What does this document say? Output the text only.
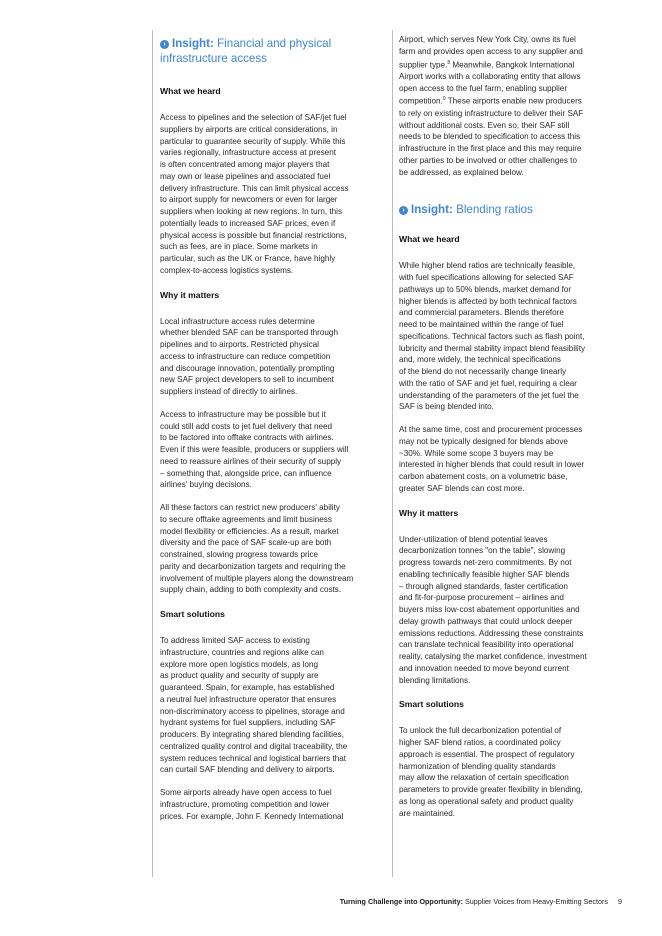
› Insight: Financial and physical infrastructure access

What we heard

Access to pipelines and the selection of SAF/jet fuel
suppliers by airports are critical considerations, in
particular to guarantee security of supply. While this
varies regionally, infrastructure access at present
is often concentrated among major players that
may own or lease pipelines and associated fuel
delivery infrastructure. This can limit physical access
to airport supply for newcomers or even for larger
suppliers when looking at new regions. In turn, this
potentially leads to increased SAF prices, even if
physical access is possible but financial restrictions,
such as fees, are in place. Some markets in
particular, such as the UK or France, have highly
complex-to-access logistics systems.

Why it matters

Local infrastructure access rules determine
whether blended SAF can be transported through
pipelines and to airports. Restricted physical
access to infrastructure can reduce competition
and discourage innovation, potentially prompting
new SAF project developers to sell to incumbent
suppliers instead of directly to airlines.

Access to infrastructure may be possible but it
could still add costs to jet fuel delivery that need
to be factored into offtake contracts with airlines.
Even if this were feasible, producers or suppliers will
need to reassure airlines of their security of supply
– something that, alongside price, can influence
airlines' buying decisions.

All these factors can restrict new producers' ability
to secure offtake agreements and limit business
model flexibility or efficiencies. As a result, market
diversity and the pace of SAF scale-up are both
constrained, slowing progress towards price
parity and decarbonization targets and requiring the
involvement of multiple players along the downstream
supply chain, adding to both complexity and costs.

Smart solutions

To address limited SAF access to existing
infrastructure, countries and regions alike can
explore more open logistics models, as long
as product quality and security of supply are
guaranteed. Spain, for example, has established
a neutral fuel infrastructure operator that ensures
non-discriminatory access to pipelines, storage and
hydrant systems for fuel suppliers, including SAF
producers. By integrating shared blending facilities,
centralized quality control and digital traceability, the
system reduces technical and logistical barriers that
can curtail SAF blending and delivery to airports.

Some airports already have open access to fuel
infrastructure, promoting competition and lower
prices. For example, John F. Kennedy International

Airport, which serves New York City, owns its fuel
farm and provides open access to any supplier and
supplier type.$^8$ Meanwhile, Bangkok International
Airport works with a collaborating entity that allows
open access to the fuel farm, enabling supplier
competition.$^9$ These airports enable new producers
to rely on existing infrastructure to deliver their SAF
without additional costs. Even so, their SAF still
needs to be blended to specification to access this
infrastructure in the first place and this may require
other parties to be involved or other challenges to
be addressed, as explained below.

› Insight: Blending ratios

What we heard

While higher blend ratios are technically feasible,
with fuel specifications allowing for selected SAF
pathways up to 50% blends, market demand for
higher blends is affected by both technical factors
and commercial parameters. Blends therefore
need to be maintained within the range of fuel
specifications. Technical factors such as flash point,
lubricity and thermal stability impact blend feasibility
and, more widely, the technical specifications
of the blend do not necessarily change linearly
with the ratio of SAF and jet fuel, requiring a clear
understanding of the parameters of the jet fuel the
SAF is being blended into.

At the same time, cost and procurement processes
may not be typically designed for blends above
~30%. While some scope 3 buyers may be
interested in higher blends that could result in lower
carbon abatement costs, on a volumetric base,
greater SAF blends can cost more.

Why it matters

Under-utilization of blend potential leaves
decarbonization tonnes "on the table", slowing
progress towards net-zero commitments. By not
enabling technically feasible higher SAF blends
– through aligned standards, faster certification
and fit-for-purpose procurement – airlines and
buyers miss low-cost abatement opportunities and
delay growth pathways that could unlock deeper
emissions reductions. Addressing these constraints
can translate technical feasibility into operational
reality, catalysing the market confidence, investment
and innovation needed to move beyond current
blending limitations.

Smart solutions

To unlock the full decarbonization potential of
higher SAF blend ratios, a coordinated policy
approach is essential. The prospect of regulatory
harmonization of blending quality standards
may allow the relaxation of certain specification
parameters to provide greater flexibility in blending,
as long as operational safety and product quality
are maintained.

Turning Challenge into Opportunity: Supplier Voices from Heavy-Emitting Sectors 9
